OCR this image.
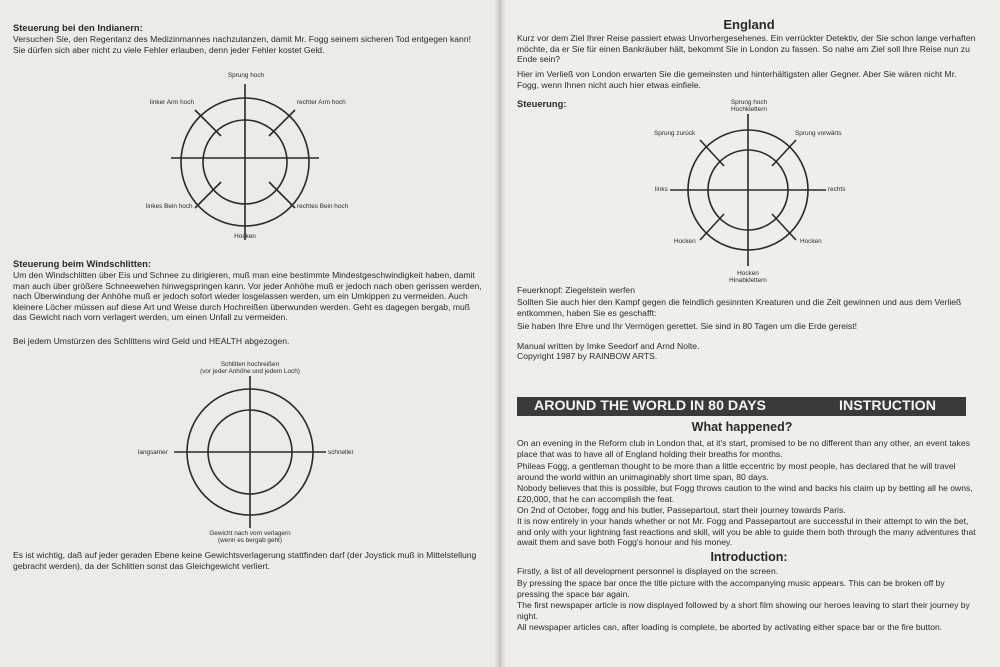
Steuerung bei den Indianern:

Versuchen Sie, den Regentanz des Medizinmannes nachzutanzen, damit Mr. Fogg seinem sicheren Tod entgegen kann! Sie dürfen sich aber nicht zu viele Fehler erlauben, denn jeder Fehler kostet Geld.

Sprung hoch
linker Arm hoch	rechter Arm hoch
linkes Bein hoch	rechtes Bein hoch
Hocken

Steuerung beim Windschlitten:

Um den Windschlitten über Eis und Schnee zu dirigieren, muß man eine bestimmte Mindestgeschwindigkeit haben, damit man auch über größere Schneewehen hinwegspringen kann. Vor jeder Anhöhe muß er jedoch nach oben gerissen werden, nach Überwindung der Anhöhe muß er jedoch sofort wieder losgelassen werden, um ein Umkippen zu vermeiden. Auch kleinere Löcher müssen auf diese Art und Weise durch Hochreißen überwunden werden. Geht es dagegen bergab, muß das Gewicht nach vorn verlagert werden, um einen Unfall zu vermeiden.

Bei jedem Umstürzen des Schlittens wird Geld und HEALTH abgezogen.

Schlitten hochreißen
(vor jeder Anhöhe und jedem Loch)
langsamer	schneller
Gewicht nach vorn verlagern
(wenn es bergab geht)

Es ist wichtig, daß auf jeder geraden Ebene keine Gewichtsverlagerung stattfinden darf (der Joystick muß in Mittelstellung gebracht werden), da der Schlitten sonst das Gleichgewicht verliert.

England

Kurz vor dem Ziel Ihrer Reise passiert etwas Unvorhergesehenes. Ein verrückter Detektiv, der Sie schon lange verhaften möchte, da er Sie für einen Bankräuber hält, bekommt Sie in London zu fassen. So nahe am Ziel soll Ihre Reise nun zu Ende sein?

Hier im Verließ von London erwarten Sie die gemeinsten und hinterhältigsten aller Gegner. Aber Sie wären nicht Mr. Fogg, wenn Ihnen nicht auch hier etwas einfiele.

Steuerung:	Sprung hoch
Hochklettern
Sprung zurück	Sprung vorwärts
links	rechts
Hocken	Hocken
Hocken
Hinabklettern

Feuerknopf: Ziegelstein werfen

Sollten Sie auch hier den Kampf gegen die feindlich gesinnten Kreaturen und die Zeit gewinnen und aus dem Verließ entkommen, haben Sie es geschafft:

Sie haben Ihre Ehre und Ihr Vermögen gerettet. Sie sind in 80 Tagen um die Erde gereist!

Manual written by Imke Seedorf and Arnd Nolte.

Copyright 1987 by RAINBOW ARTS.

AROUND THE WORLD IN 80 DAYS	INSTRUCTION

What happened?

On an evening in the Reform club in London that, at it's start, promised to be no different than any other, an event takes place that was to have all of England holding their breaths for months.

Phileas Fogg, a gentleman thought to be more than a little eccentric by most people, has declared that he will travel around the world within an unimaginably short time span, 80 days.

Nobody believes that this is possible, but Fogg throws caution to the wind and backs his claim up by betting all he owns, £20,000, that he can accomplish the feat.

On 2nd of October, fogg and his butler, Passepartout, start their journey towards Paris.

It is now entirely in your hands whether or not Mr. Fogg and Passepartout are successful in their attempt to win the bet, and only with your lightning fast reactions and skill, will you be able to guide them both through the many adventures that await them and save both Fogg's honour and his money.

Introduction:

Firstly, a list of all development personnel is displayed on the screen.

By pressing the space bar once the title picture with the accompanying music appears. This can be broken off by pressing the space bar again.

The first newspaper article is now displayed followed by a short film showing our heroes leaving to start their journey by night.

All newspaper articles can, after loading is complete, be aborted by activating either space bar or the fire button.
